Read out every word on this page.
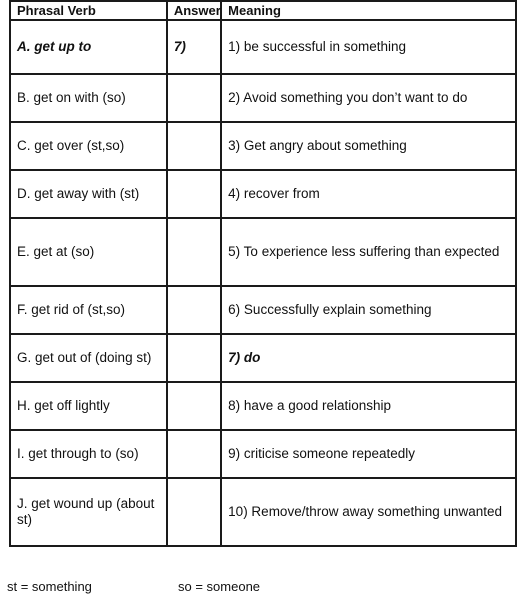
Phrasal Verb	Answer	Meaning
A. get up to	7)	1) be successful in something
B. get on with (so)		2) Avoid something you don’t want to do
C. get over (st,so)		3) Get angry about something
D. get away with (st)		4) recover from
E. get at (so)		5) To experience less suffering than expected
F. get rid of (st,so)		6) Successfully explain something
G. get out of (doing st)		7) do
H. get off lightly		8) have a good relationship
I. get through to (so)		9) criticise someone repeatedly
J. get wound up (about st)		10) Remove/throw away something unwanted
st = something	so = someone
